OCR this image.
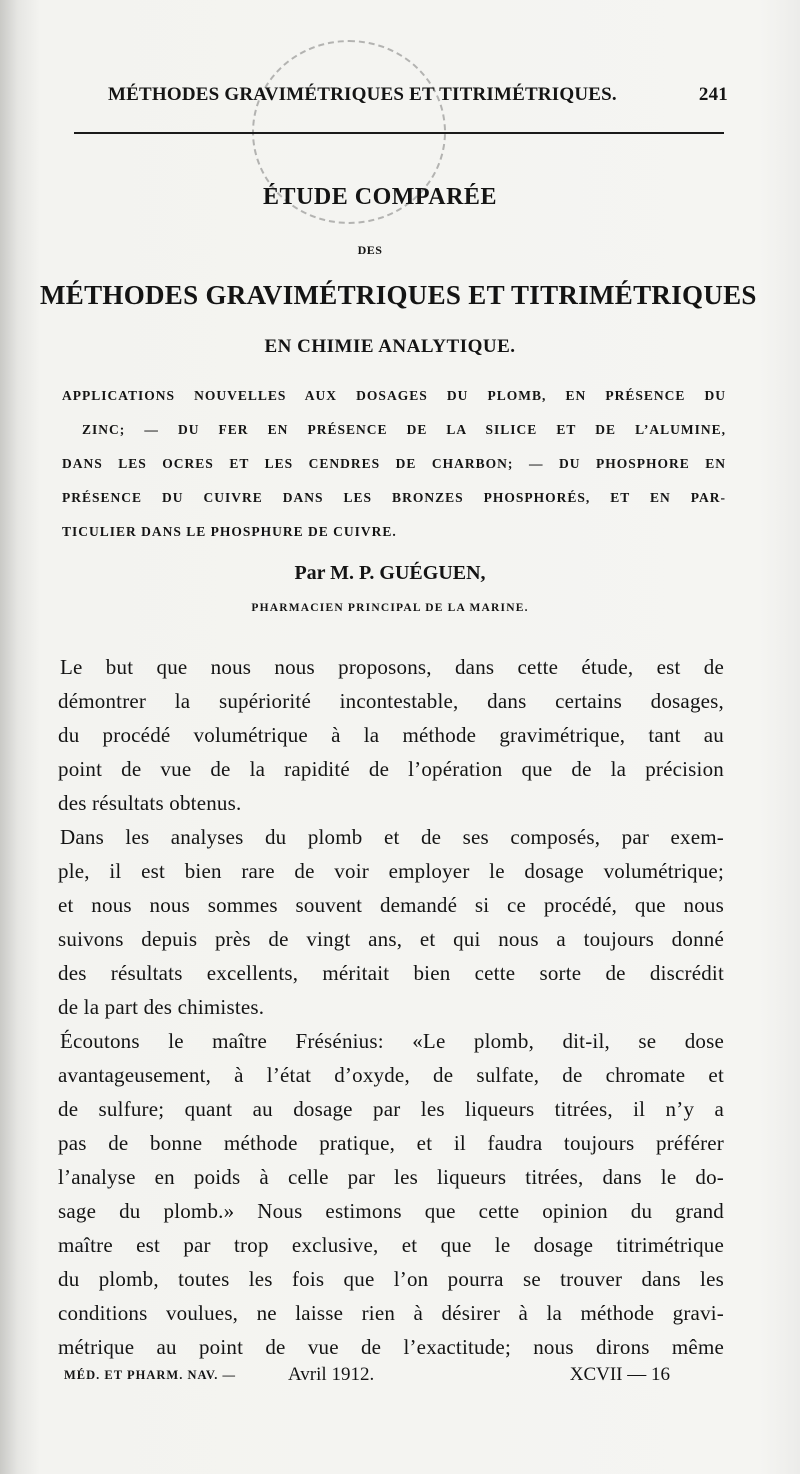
MÉTHODES GRAVIMÉTRIQUES ET TITRIMÉTRIQUES.	241
ÉTUDE COMPARÉE
DES
MÉTHODES GRAVIMÉTRIQUES ET TITRIMÉTRIQUES
EN CHIMIE ANALYTIQUE.

APPLICATIONS NOUVELLES AUX DOSAGES DU PLOMB, EN PRÉSENCE DU

ZINC; — DU FER EN PRÉSENCE DE LA SILICE ET DE L’ALUMINE,

DANS LES OCRES ET LES CENDRES DE CHARBON; — DU PHOSPHORE EN

PRÉSENCE DU CUIVRE DANS LES BRONZES PHOSPHORÉS, ET EN PAR-

TICULIER DANS LE PHOSPHURE DE CUIVRE.

Par M. P. GUÉGUEN,
PHARMACIEN PRINCIPAL DE LA MARINE.
Le but que nous nous proposons, dans cette étude, est de
démontrer la supériorité incontestable, dans certains dosages,
du procédé volumétrique à la méthode gravimétrique, tant au
point de vue de la rapidité de l’opération que de la précision
des résultats obtenus.
Dans les analyses du plomb et de ses composés, par exem-
ple, il est bien rare de voir employer le dosage volumétrique;
et nous nous sommes souvent demandé si ce procédé, que nous
suivons depuis près de vingt ans, et qui nous a toujours donné
des résultats excellents, méritait bien cette sorte de discrédit
de la part des chimistes.
Écoutons le maître Frésénius: «Le plomb, dit-il, se dose
avantageusement, à l’état d’oxyde, de sulfate, de chromate et
de sulfure; quant au dosage par les liqueurs titrées, il n’y a
pas de bonne méthode pratique, et il faudra toujours préférer
l’analyse en poids à celle par les liqueurs titrées, dans le do-
sage du plomb.» Nous estimons que cette opinion du grand
maître est par trop exclusive, et que le dosage titrimétrique
du plomb, toutes les fois que l’on pourra se trouver dans les
conditions voulues, ne laisse rien à désirer à la méthode gravi-
métrique au point de vue de l’exactitude; nous dirons même
MÉD. ET PHARM. NAV. —	Avril 1912.	XCVII — 16
